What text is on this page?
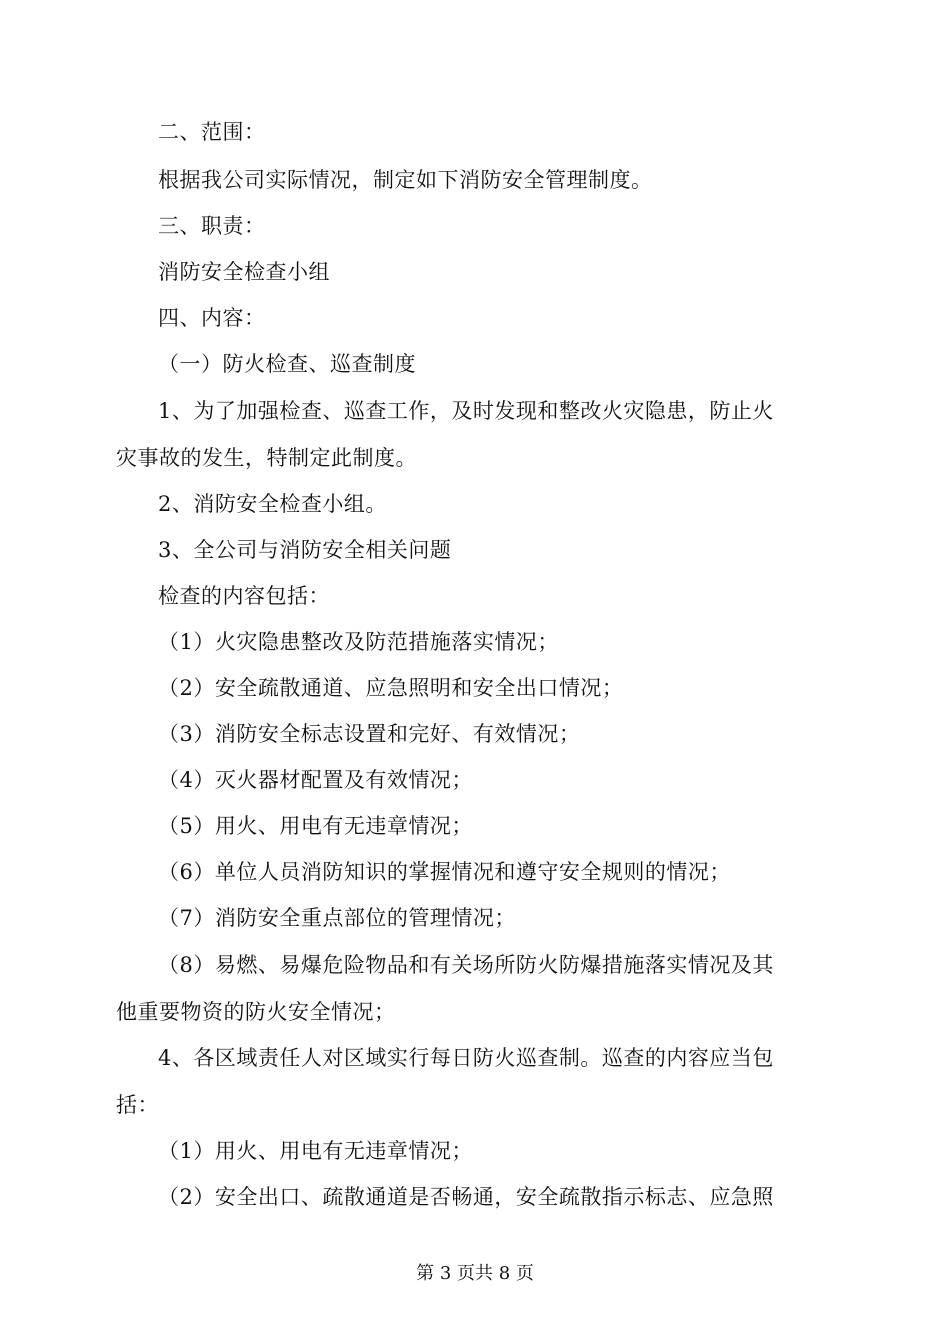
二、范围：
根据我公司实际情况，制定如下消防安全管理制度。
三、职责：
消防安全检查小组
四、内容：
（一）防火检查、巡查制度
1、为了加强检查、巡查工作，及时发现和整改火灾隐患，防止火
灾事故的发生，特制定此制度。
2、消防安全检查小组。
3、全公司与消防安全相关问题
检查的内容包括：
（1）火灾隐患整改及防范措施落实情况；
（2）安全疏散通道、应急照明和安全出口情况；
（3）消防安全标志设置和完好、有效情况；
（4）灭火器材配置及有效情况；
（5）用火、用电有无违章情况；
（6）单位人员消防知识的掌握情况和遵守安全规则的情况；
（7）消防安全重点部位的管理情况；
（8）易燃、易爆危险物品和有关场所防火防爆措施落实情况及其
他重要物资的防火安全情况；
4、各区域责任人对区域实行每日防火巡查制。巡查的内容应当包
括：
（1）用火、用电有无违章情况；
（2）安全出口、疏散通道是否畅通，安全疏散指示标志、应急照
第 3 页共 8 页
